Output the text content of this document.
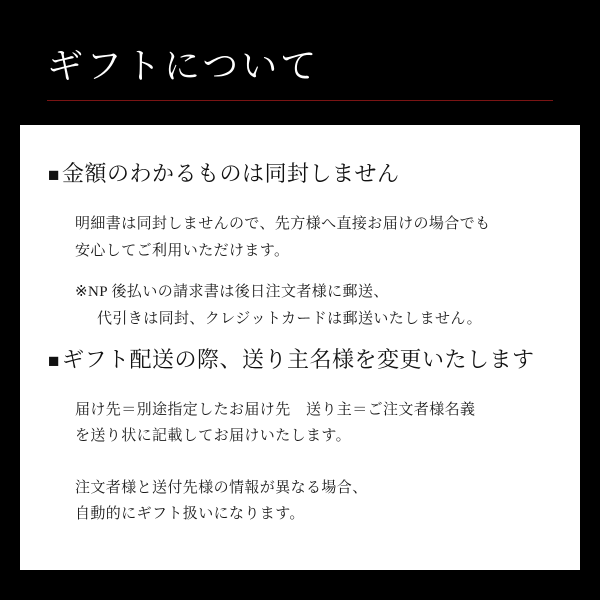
ギフトについて
■ 金額のわかるものは同封しません
明細書は同封しませんので、先方様へ直接お届けの場合でも
安心してご利用いただけます。
※NP 後払いの請求書は後日注文者様に郵送、
代引きは同封、クレジットカードは郵送いたしません。
■ ギフト配送の際、送り主名様を変更いたします
届け先＝別途指定したお届け先　送り主＝ご注文者様名義
を送り状に記載してお届けいたします。
注文者様と送付先様の情報が異なる場合、
自動的にギフト扱いになります。
